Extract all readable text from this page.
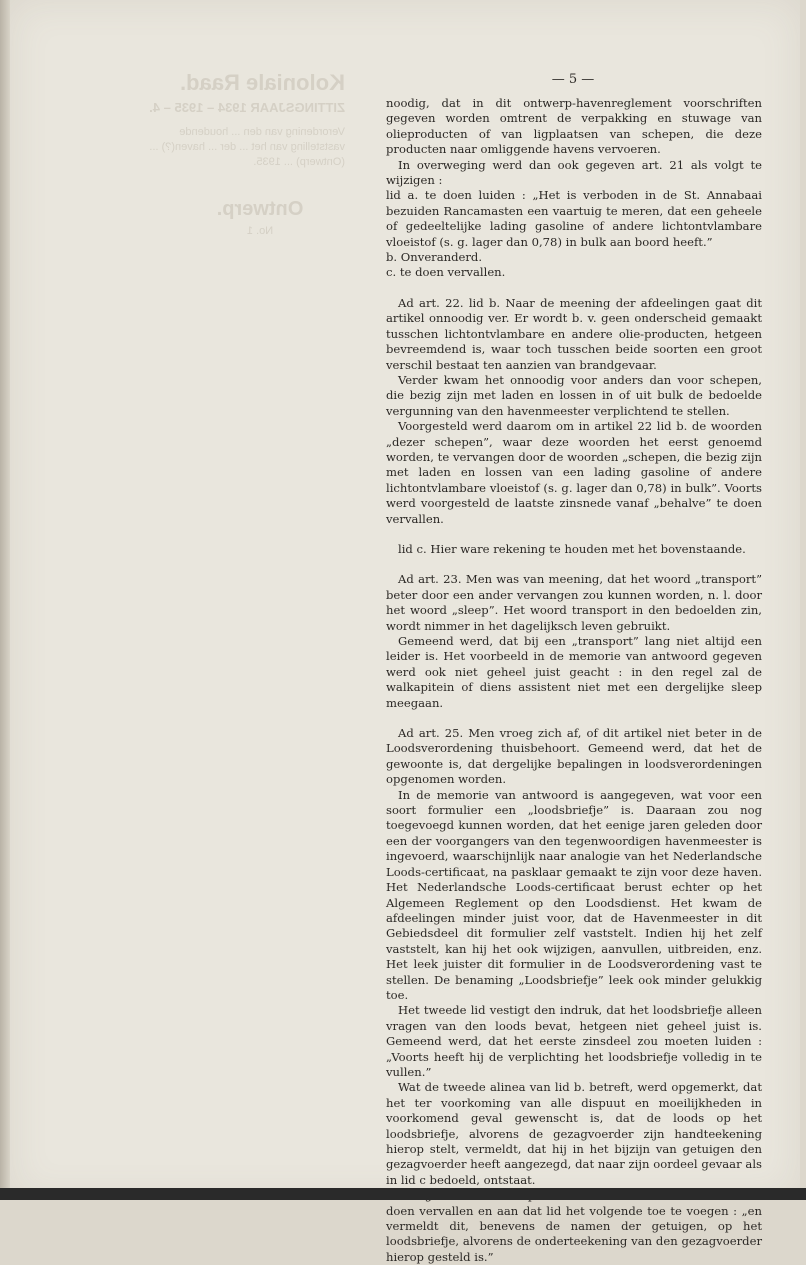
Koloniale Raad.
ZITTINGSJAAR 1934 – 1935 – 4.
Verordening van den ... houdende vaststelling van het ... der ... haven(?) ... (Ontwerp) ... 1935.
Ontwerp.
No. 1
— 5 —

noodig, dat in dit ontwerp-havenreglement voorschriften gegeven worden omtrent de verpakking en stuwage van olieproducten of van ligplaatsen van schepen, die deze producten naar omliggende havens vervoeren.

In overweging werd dan ook gegeven art. 21 als volgt te wijzigen :

lid a. te doen luiden : „Het is verboden in de St. Annabaai bezuiden Rancamasten een vaartuig te meren, dat een geheele of gedeeltelijke lading gasoline of andere lichtontvlambare vloeistof (s. g. lager dan 0,78) in bulk aan boord heeft.”

b. Onveranderd.

c. te doen vervallen.

Ad art. 22. lid b. Naar de meening der afdeelingen gaat dit artikel onnoodig ver. Er wordt b. v. geen onderscheid gemaakt tusschen lichtontvlambare en andere olie-producten, hetgeen bevreemdend is, waar toch tusschen beide soorten een groot verschil bestaat ten aanzien van brandgevaar.

Verder kwam het onnoodig voor anders dan voor schepen, die bezig zijn met laden en lossen in of uit bulk de bedoelde vergunning van den havenmeester verplichtend te stellen.

Voorgesteld werd daarom om in artikel 22 lid b. de woorden „dezer schepen”, waar deze woorden het eerst genoemd worden, te vervangen door de woorden „schepen, die bezig zijn met laden en lossen van een lading gasoline of andere lichtontvlambare vloeistof (s. g. lager dan 0,78) in bulk”. Voorts werd voorgesteld de laatste zinsnede vanaf „behalve” te doen vervallen.

lid c. Hier ware rekening te houden met het bovenstaande.

Ad art. 23. Men was van meening, dat het woord „transport” beter door een ander vervangen zou kunnen worden, n. l. door het woord „sleep”. Het woord transport in den bedoelden zin, wordt nimmer in het dagelijksch leven gebruikt.

Gemeend werd, dat bij een „transport” lang niet altijd een leider is. Het voorbeeld in de memorie van antwoord gegeven werd ook niet geheel juist geacht : in den regel zal de walkapitein of diens assistent niet met een dergelijke sleep meegaan.

Ad art. 25. Men vroeg zich af, of dit artikel niet beter in de Loodsverordening thuisbehoort. Gemeend werd, dat het de gewoonte is, dat dergelijke bepalingen in loodsverordeningen opgenomen worden.

In de memorie van antwoord is aangegeven, wat voor een soort formulier een „loodsbriefje” is. Daaraan zou nog toegevoegd kunnen worden, dat het eenige jaren geleden door een der voorgangers van den tegenwoordigen havenmeester is ingevoerd, waarschijnlijk naar analogie van het Nederlandsche Loods-certificaat, na pasklaar gemaakt te zijn voor deze haven. Het Nederlandsche Loods-certificaat berust echter op het Algemeen Reglement op den Loodsdienst. Het kwam de afdeelingen minder juist voor, dat de Havenmeester in dit Gebiedsdeel dit formulier zelf vaststelt. Indien hij het zelf vaststelt, kan hij het ook wijzigen, aanvullen, uitbreiden, enz. Het leek juister dit formulier in de Loodsverordening vast te stellen. De benaming „Loodsbriefje” leek ook minder gelukkig toe.

Het tweede lid vestigt den indruk, dat het loodsbriefje alleen vragen van den loods bevat, hetgeen niet geheel juist is. Gemeend werd, dat het eerste zinsdeel zou moeten luiden : „Voorts heeft hij de verplichting het loodsbriefje volledig in te vullen.”

Wat de tweede alinea van lid b. betreft, werd opgemerkt, dat het ter voorkoming van alle dispuut en moeilijkheden in voorkomend geval gewenscht is, dat de loods op het loodsbriefje, alvorens de gezagvoerder zijn handteekening hierop stelt, vermeldt, dat hij in het bijzijn van getuigen den gezagvoerder heeft aangezegd, dat naar zijn oordeel gevaar als in lid c bedoeld, ontstaat.

doen vervallen en aan dat lid het volgende toe te voegen : „en vermeldt dit, benevens de namen der getuigen, op het loodsbriefje, alvorens de onderteekening van den gezagvoerder hierop gesteld is.”
